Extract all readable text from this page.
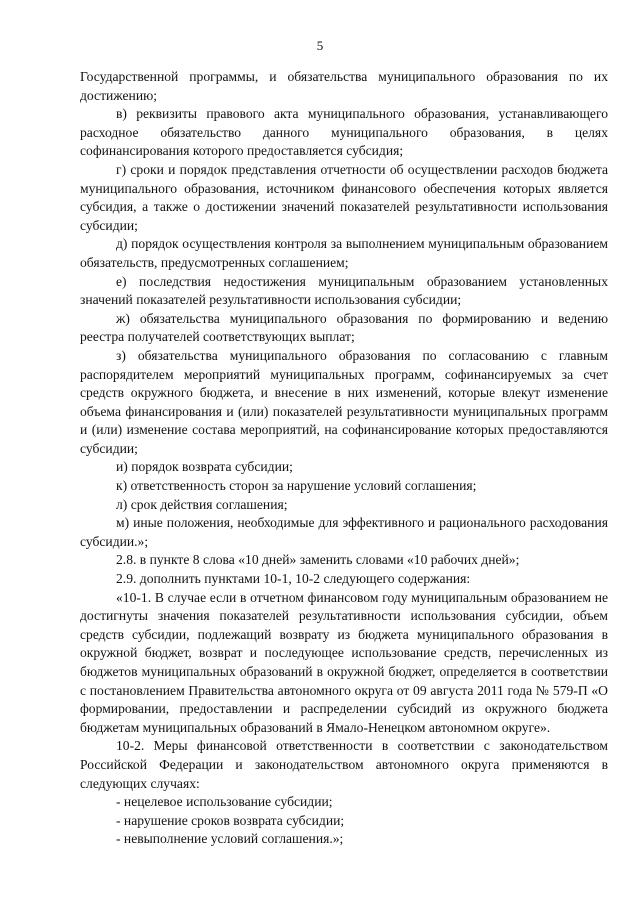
5

Государственной программы, и обязательства муниципального образования по их достижению;

в) реквизиты правового акта муниципального образования, устанавливающего расходное обязательство данного муниципального образования, в целях софинансирования которого предоставляется субсидия;

г) сроки и порядок представления отчетности об осуществлении расходов бюджета муниципального образования, источником финансового обеспечения которых является субсидия, а также о достижении значений показателей результативности использования субсидии;

д) порядок осуществления контроля за выполнением муниципальным образованием обязательств, предусмотренных соглашением;

е) последствия недостижения муниципальным образованием установленных значений показателей результативности использования субсидии;

ж) обязательства муниципального образования по формированию и ведению реестра получателей соответствующих выплат;

з) обязательства муниципального образования по согласованию с главным распорядителем мероприятий муниципальных программ, софинансируемых за счет средств окружного бюджета, и внесение в них изменений, которые влекут изменение объема финансирования и (или) показателей результативности муниципальных программ и (или) изменение состава мероприятий, на софинансирование которых предоставляются субсидии;

и) порядок возврата субсидии;

к) ответственность сторон за нарушение условий соглашения;

л) срок действия соглашения;

м) иные положения, необходимые для эффективного и рационального расходования субсидии.»;

2.8. в пункте 8 слова «10 дней» заменить словами «10 рабочих дней»;

2.9. дополнить пунктами 10-1, 10-2 следующего содержания:

«10-1. В случае если в отчетном финансовом году муниципальным образованием не достигнуты значения показателей результативности использования субсидии, объем средств субсидии, подлежащий возврату из бюджета муниципального образования в окружной бюджет, возврат и последующее использование средств, перечисленных из бюджетов муниципальных образований в окружной бюджет, определяется в соответствии с постановлением Правительства автономного округа от 09 августа 2011 года № 579-П «О формировании, предоставлении и распределении субсидий из окружного бюджета бюджетам муниципальных образований в Ямало-Ненецком автономном округе».

10-2. Меры финансовой ответственности в соответствии с законодательством Российской Федерации и законодательством автономного округа применяются в следующих случаях:

- нецелевое использование субсидии;

- нарушение сроков возврата субсидии;

- невыполнение условий соглашения.»;
